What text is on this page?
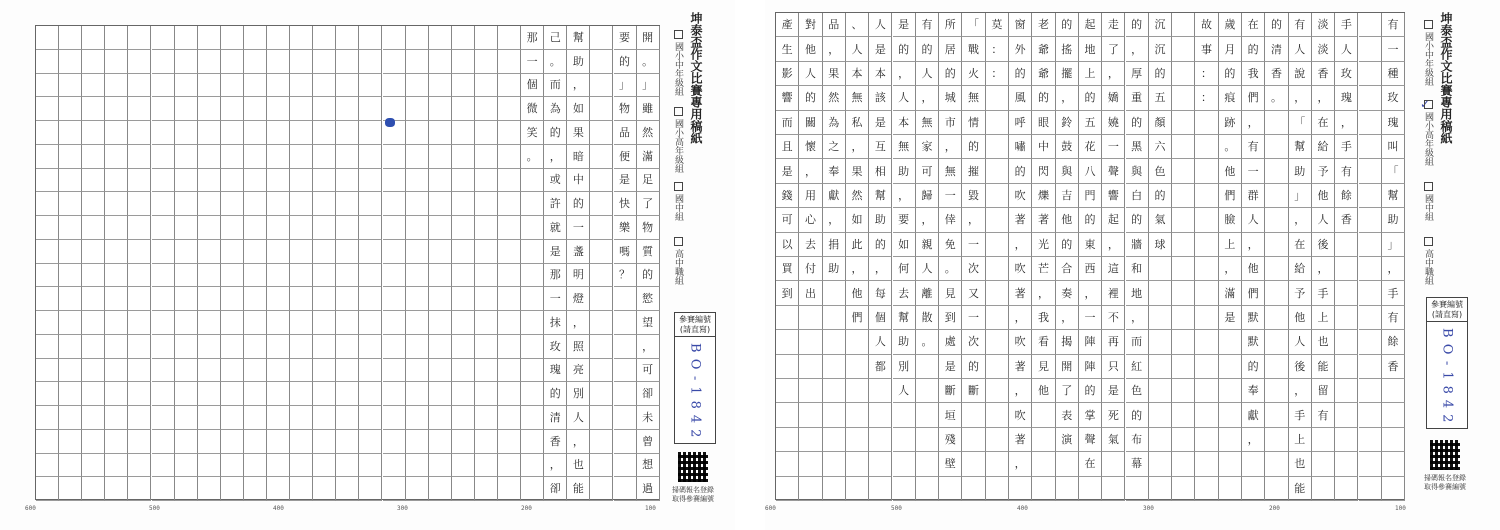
有
一
種
玫
瑰
叫
「
幫
助
」
，
手
有
餘
香
手
人
玫
瑰
，
手
有
餘
香
淡
淡
香
，
在
給
予
他
人
後
，
手
上
也
能
留
有
有
人
說
，
「
幫
助
」
，
在
給
予
他
人
後
，
手
上
也
能
的
清
香
。
在
的
我
們
，
有
一
群
人
，
他
們
默
默
的
奉
獻
，
歲
月
的
痕
跡
。
他
們
臉
上
，
滿
是
故
事
：
：
沉
沉
的
五
顏
六
色
的
氣
球
的
，
厚
重
的
黑
與
白
的
牆
和
地
，
而
紅
色
的
布
幕
走
了
，
嬌
嬈
一
聲
響
起
，
這
裡
不
再
只
是
死
氣
起
地
上
的
五
花
八
門
的
東
西
，
一
陣
陣
的
掌
聲
在
的
搖
擺
，
鈴
鼓
與
吉
他
的
合
奏
，
揭
開
了
表
演
老
爺
爺
的
眼
中
閃
爍
著
光
芒
，
我
看
見
他
窗
外
的
風
呼
嘯
的
吹
著
，
吹
著
，
吹
著
，
吹
著
，
莫
：
：
「
戰
火
無
情
的
摧
毀
，
一
次
又
一
次
的
斷
所
居
的
城
市
，
無
一
倖
免
。
見
到
處
是
斷
垣
殘
壁
有
的
人
，
無
家
可
歸
，
親
人
離
散
。
是
的
，
人
本
無
助
，
要
如
何
去
幫
助
別
人
人
是
本
該
是
互
相
幫
助
的
，
每
個
人
都
、
人
本
無
私
，
果
然
如
此
，
他
們
品
，
果
然
為
之
奉
獻
，
捐
助
對
他
人
的
關
懷
，
用
心
去
付
出
產
生
影
響
而
且
是
錢
可
以
買
到
600	500	400	300	200	100
坤泰盃作文比賽專用稿紙
國小中年級組
✓
國小高年級組
國中組
高中職組
參賽編號(請直寫)
BO-1842
掃碼報名登錄
取得參賽編號
開
。
」
雖
然
滿
足
了
物
質
的
慾
望
，
可
卻
未
曾
想
過
要
的
」
物
品
便
是
快
樂
嗎
？
幫
助
，
如
果
暗
中
的
一
盞
明
燈
，
照
亮
別
人
，
也
能
己
。
而
為
的
，
或
許
就
是
那
一
抹
玫
瑰
的
清
香
，
卻
那
一
個
微
笑
。
600	500	400	300	200	100
坤泰盃作文比賽專用稿紙
國小中年級組
國小高年級組
國中組
高中職組
參賽編號(請直寫)
BO-1842
掃碼報名登錄
取得參賽編號
